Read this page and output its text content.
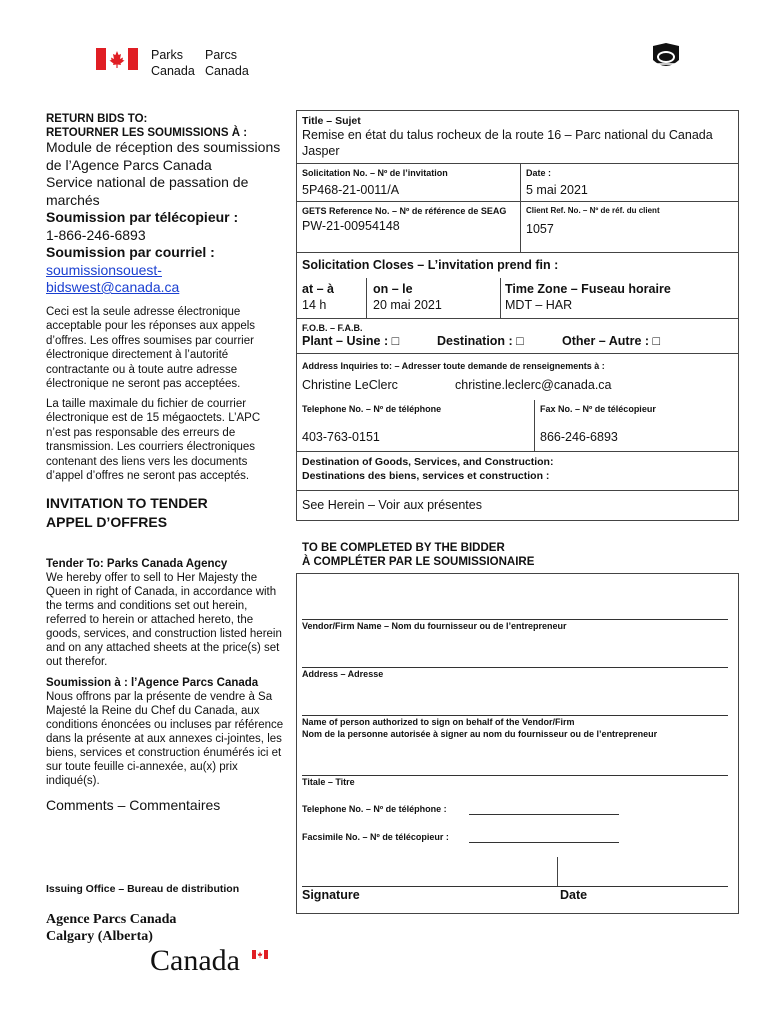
Parks
Canada
Parcs
Canada
RETURN BIDS TO:
RETOURNER LES SOUMISSIONS À :
Module de réception des soumissions de l’Agence Parcs Canada
Service national de passation de marchés
Soumission par télécopieur :
1-866-246-6893
Soumission par courriel :
soumissionsouest-
bidswest@canada.ca
Ceci est la seule adresse électronique acceptable pour les réponses aux appels d’offres. Les offres soumises par courrier électronique directement à l’autorité contractante ou à toute autre adresse électronique ne seront pas acceptées.
La taille maximale du fichier de courrier électronique est de 15 mégaoctets. L’APC n’est pas responsable des erreurs de transmission. Les courriers électroniques contenant des liens vers les documents d’appel d’offres ne seront pas acceptés.
INVITATION TO TENDER
APPEL D’OFFRES
Tender To: Parks Canada Agency
We hereby offer to sell to Her Majesty the Queen in right of Canada, in accordance with the terms and conditions set out herein, referred to herein or attached hereto, the goods, services, and construction listed herein and on any attached sheets at the price(s) set out therefor.
Soumission à : l’Agence Parcs Canada
Nous offrons par la présente de vendre à Sa Majesté la Reine du Chef du Canada, aux conditions énoncées ou incluses par référence dans la présente at aux annexes ci-jointes, les biens, services et construction énumérés ici et sur toute feuille ci-annexée, au(x) prix indiqué(s).
Comments – Commentaires
Issuing Office – Bureau de distribution
Agence Parcs Canada
Calgary (Alberta)
Canada
Title – Sujet
Remise en état du talus rocheux de la route 16 – Parc national du Canada Jasper
Solicitation No. – Nº de l’invitation
5P468-21-0011/A
Date :
5 mai 2021
GETS Reference No. – Nº de référence de SEAG
PW-21-00954148
Client Ref. No. – Nº de réf. du client
1057
Solicitation Closes – L’invitation prend fin :
at – à
14 h
on – le
20 mai 2021
Time Zone – Fuseau horaire
MDT – HAR
F.O.B. – F.A.B.
Plant – Usine : □	Destination : □	Other – Autre : □
Address Inquiries to: – Adresser toute demande de renseignements à :
Christine LeClerc	christine.leclerc@canada.ca
Telephone No. – Nº de téléphone	Fax No. – Nº de télécopieur
403-763-0151	866-246-6893
Destination of Goods, Services, and Construction:
Destinations des biens, services et construction :
See Herein – Voir aux présentes
TO BE COMPLETED BY THE BIDDER
À COMPLÉTER PAR LE SOUMISSIONAIRE
Vendor/Firm Name – Nom du fournisseur ou de l’entrepreneur
Address – Adresse
Name of person authorized to sign on behalf of the Vendor/Firm
Nom de la personne autorisée à signer au nom du fournisseur ou de l’entrepreneur
Titale – Titre
Telephone No. – Nº de téléphone :
Facsimile No. – Nº de télécopieur :
Signature	Date
